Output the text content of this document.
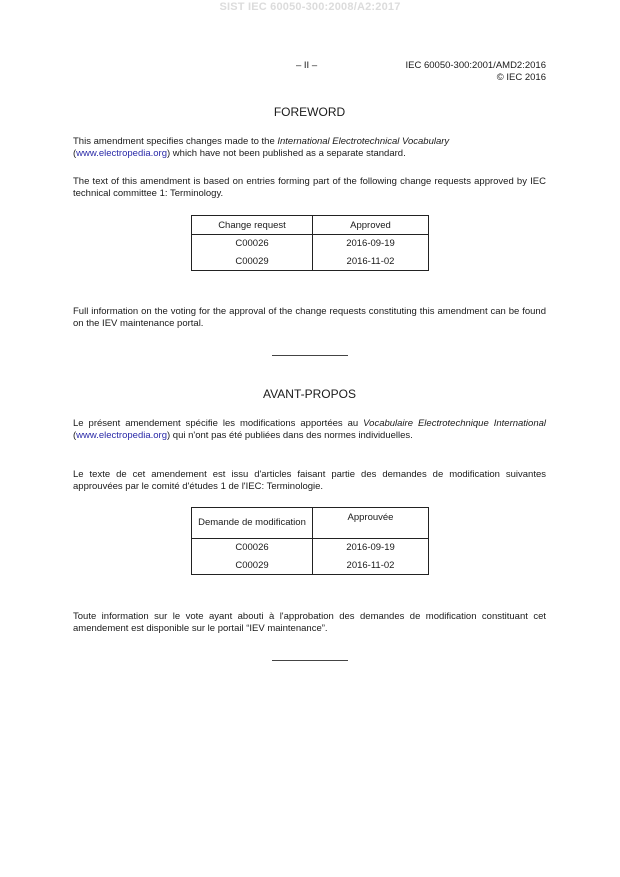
SIST IEC 60050-300:2008/A2:2017
– II –	IEC 60050-300:2001/AMD2:2016
© IEC 2016
FOREWORD
This amendment specifies changes made to the International Electrotechnical Vocabulary
(www.electropedia.org) which have not been published as a separate standard.
The text of this amendment is based on entries forming part of the following change requests approved by IEC technical committee 1: Terminology.
Change request	Approved
C00026	2016-09-19
C00029	2016-11-02
Full information on the voting for the approval of the change requests constituting this amendment can be found on the IEV maintenance portal.
AVANT-PROPOS
Le présent amendement spécifie les modifications apportées au Vocabulaire Electrotechnique International (www.electropedia.org) qui n'ont pas été publiées dans des normes individuelles.
Le texte de cet amendement est issu d'articles faisant partie des demandes de modification suivantes approuvées par le comité d'études 1 de l'IEC: Terminologie.
Demande de modification	Approuvée
C00026	2016-09-19
C00029	2016-11-02
Toute information sur le vote ayant abouti à l'approbation des demandes de modification constituant cet amendement est disponible sur le portail “IEV maintenance”.
